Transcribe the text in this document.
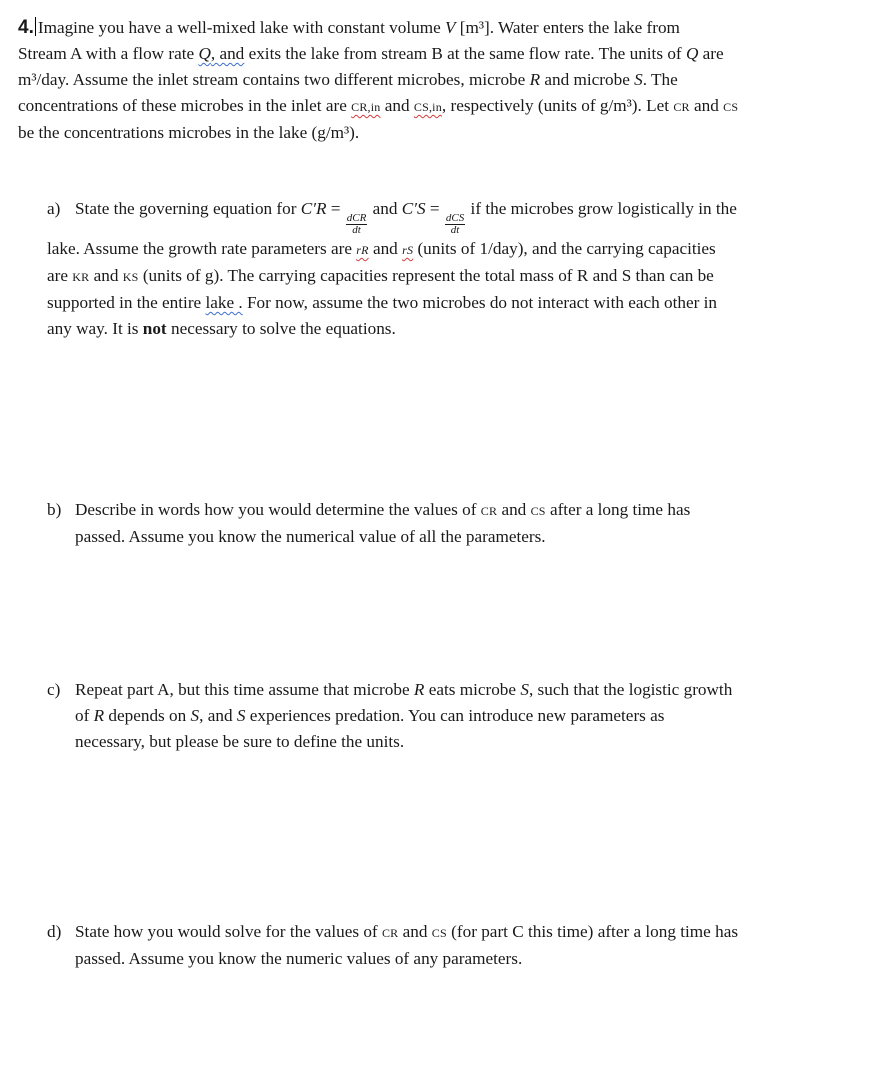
4. Imagine you have a well-mixed lake with constant volume V [m³]. Water enters the lake from
Stream A with a flow rate Q, and exits the lake from stream B at the same flow rate. The units of Q are
m³/day. Assume the inlet stream contains two different microbes, microbe R and microbe S. The
concentrations of these microbes in the inlet are CR,in and CS,in, respectively (units of g/m³). Let CR and CS
be the concentrations microbes in the lake (g/m³).

a) State the governing equation for C′R =
$\frac{\text{dCR}}{dt}$
and C′S =
$\frac{\text{dCS}}{dt}$
if the microbes grow logistically in the
lake. Assume the growth rate parameters are rR and rS (units of 1/day), and the carrying capacities
are KR and KS (units of g). The carrying capacities represent the total mass of R and S than can be
supported in the entire lake . For now, assume the two microbes do not interact with each other in
any way. It is not necessary to solve the equations.

b) Describe in words how you would determine the values of CR and CS after a long time has
passed. Assume you know the numerical value of all the parameters.

c) Repeat part A, but this time assume that microbe R eats microbe S, such that the logistic growth
of R depends on S, and S experiences predation. You can introduce new parameters as
necessary, but please be sure to define the units.

d) State how you would solve for the values of CR and CS (for part C this time) after a long time has
passed. Assume you know the numeric values of any parameters.
